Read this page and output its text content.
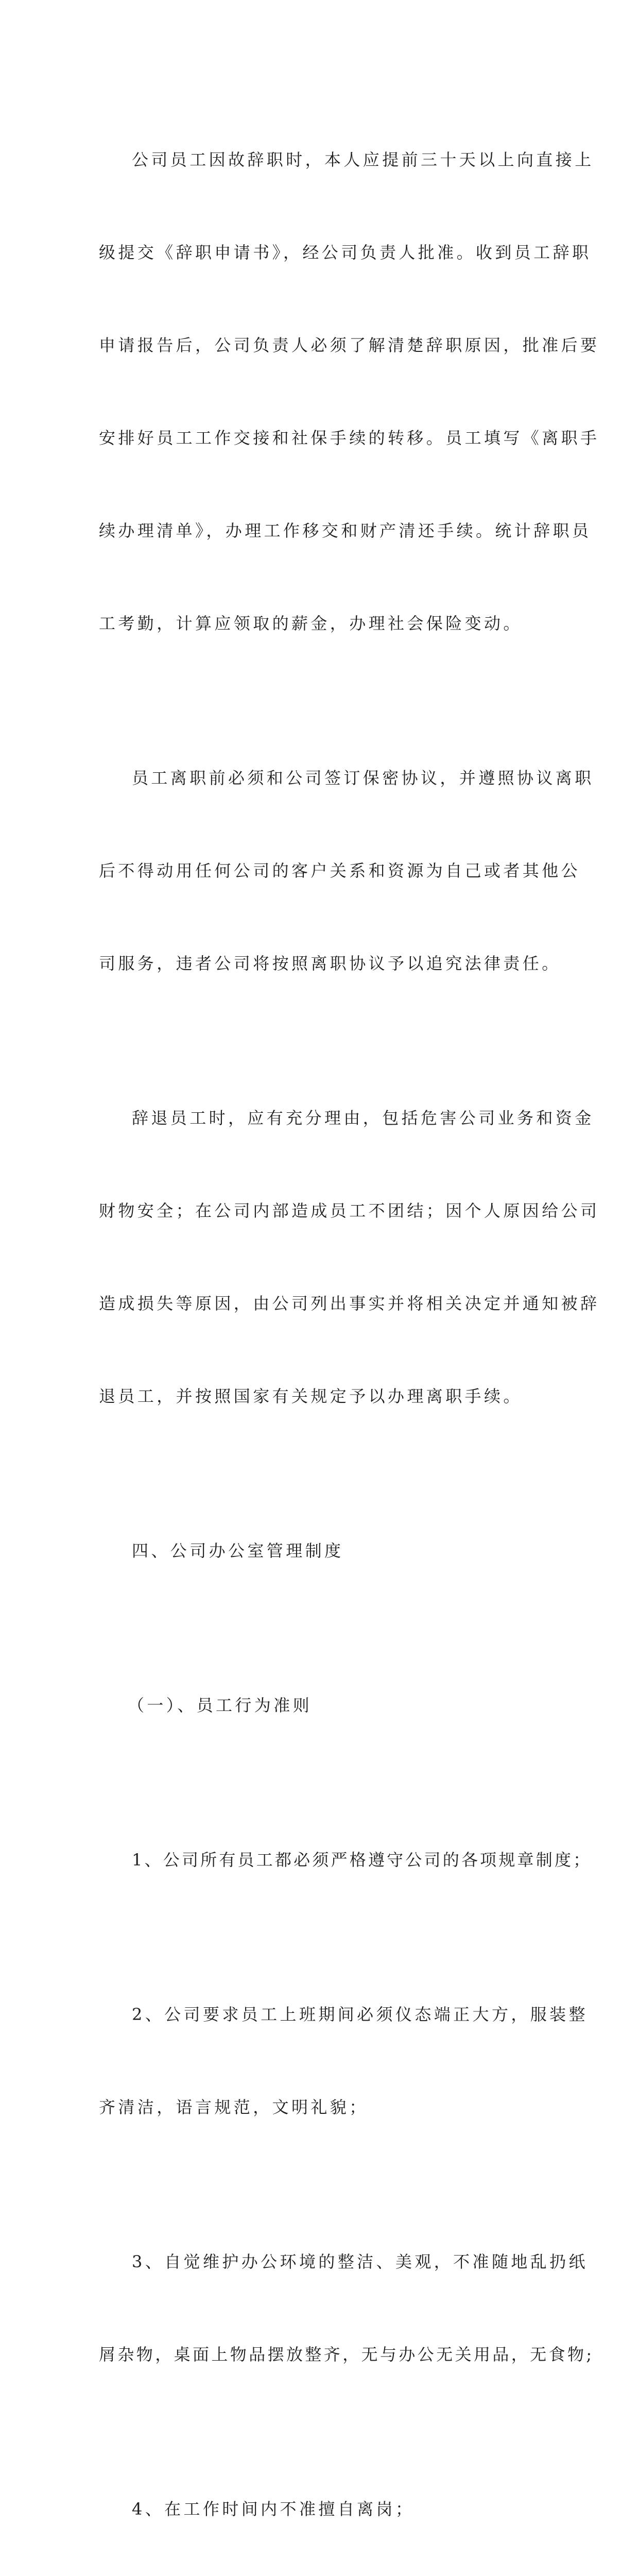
公司员工因故辞职时，本人应提前三十天以上向直接上

级提交《辞职申请书》，经公司负责人批准。收到员工辞职

申请报告后，公司负责人必须了解清楚辞职原因，批准后要

安排好员工工作交接和社保手续的转移。员工填写《离职手

续办理清单》，办理工作移交和财产清还手续。统计辞职员

工考勤，计算应领取的薪金，办理社会保险变动。

员工离职前必须和公司签订保密协议，并遵照协议离职

后不得动用任何公司的客户关系和资源为自己或者其他公

司服务，违者公司将按照离职协议予以追究法律责任。

辞退员工时，应有充分理由，包括危害公司业务和资金

财物安全；在公司内部造成员工不团结；因个人原因给公司

造成损失等原因，由公司列出事实并将相关决定并通知被辞

退员工，并按照国家有关规定予以办理离职手续。

四、公司办公室管理制度

（一）、员工行为准则

1、公司所有员工都必须严格遵守公司的各项规章制度；

2、公司要求员工上班期间必须仪态端正大方，服装整

齐清洁，语言规范，文明礼貌；

3、自觉维护办公环境的整洁、美观，不准随地乱扔纸

屑杂物，桌面上物品摆放整齐，无与办公无关用品，无食物;

4、在工作时间内不准擅自离岗；
